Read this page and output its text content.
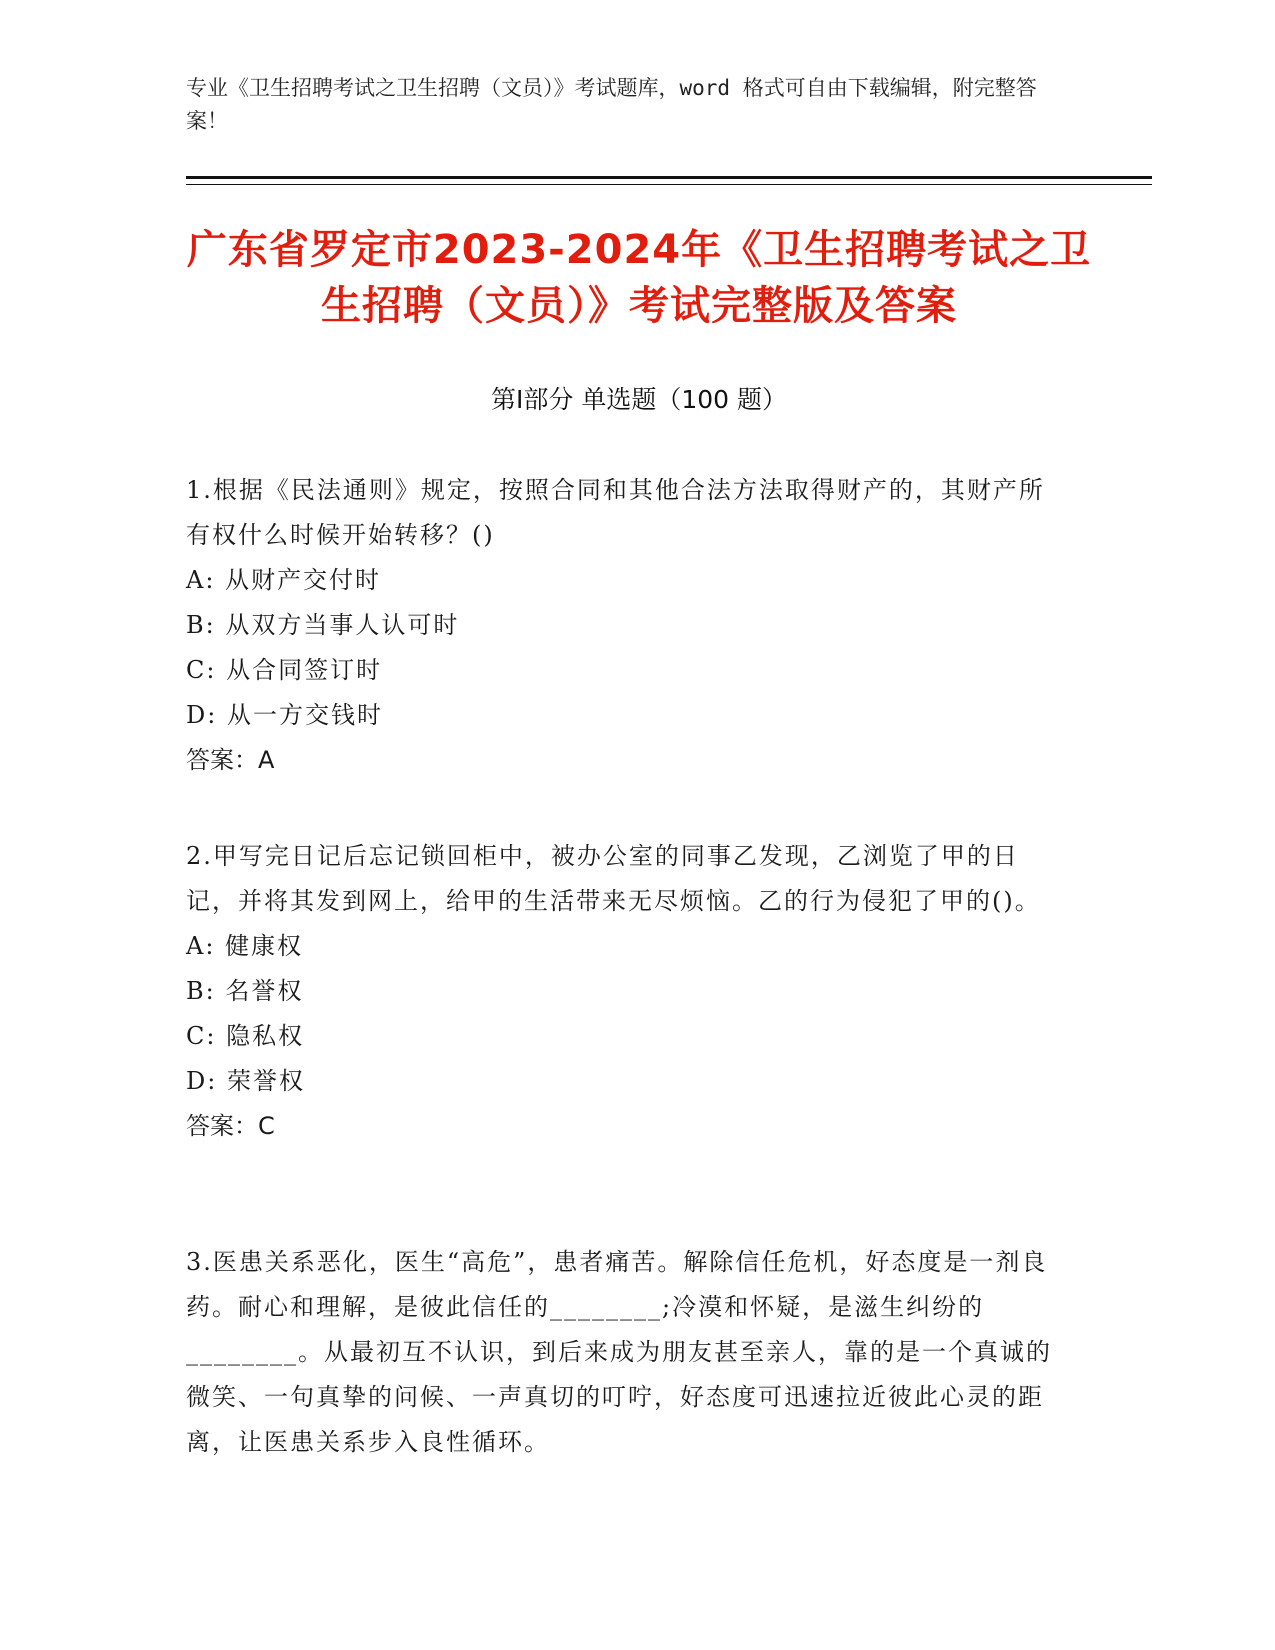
专业《卫生招聘考试之卫生招聘（文员）》考试题库，word 格式可自由下载编辑，附完整答案！
广东省罗定市2023-2024年《卫生招聘考试之卫生招聘（文员）》考试完整版及答案
第Ⅰ部分 单选题（100 题）
1.根据《民法通则》规定，按照合同和其他合法方法取得财产的，其财产所有权什么时候开始转移？()
A: 从财产交付时
B: 从双方当事人认可时
C: 从合同签订时
D: 从一方交钱时
答案：A
2.甲写完日记后忘记锁回柜中，被办公室的同事乙发现，乙浏览了甲的日记，并将其发到网上，给甲的生活带来无尽烦恼。乙的行为侵犯了甲的()。
A: 健康权
B: 名誉权
C: 隐私权
D: 荣誉权
答案：C
3.医患关系恶化，医生“高危”，患者痛苦。解除信任危机，好态度是一剂良药。耐心和理解，是彼此信任的________;冷漠和怀疑，是滋生纠纷的________。从最初互不认识，到后来成为朋友甚至亲人，靠的是一个真诚的微笑、一句真挚的问候、一声真切的叮咛，好态度可迅速拉近彼此心灵的距离，让医患关系步入良性循环。
